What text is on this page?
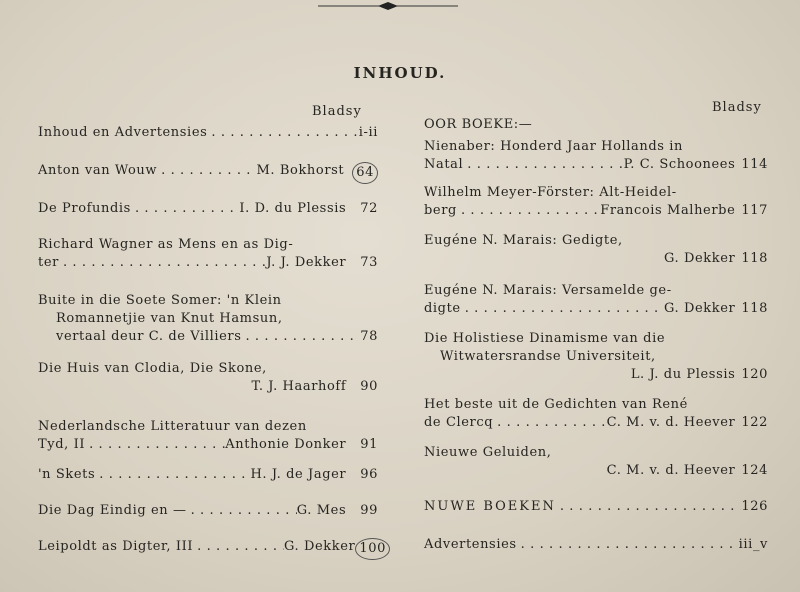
INHOUD.
Bladsy
Inhoud en Advertensies . . .	i-ii
Anton van Wouw . . .	M. Bokhorst 64
De Profundis . . .	I. D. du Plessis 72
Richard Wagner as Mens en as Dig-
ter . . .	J. J. Dekker 73
Buite in die Soete Somer: 'n Klein
Romannetjie van Knut Hamsun,
vertaal deur C. de Villiers . . .	78
Die Huis van Clodia, Die Skone,
T. J. Haarhoff 90
Nederlandsche Litteratuur van dezen
Tyd, II . . .	Anthonie Donker 91
'n Skets . . .	H. J. de Jager 96
Die Dag Eindig en — . . .	G. Mes 99
Leipoldt as Digter, III . . .	G. Dekker 100
Bladsy
OOR BOEKE:—
Nienaber: Honderd Jaar Hollands in
Natal . . .	P. C. Schoonees 114
Wilhelm Meyer-Förster: Alt-Heidel-
berg . . .	Francois Malherbe 117
Eugéne N. Marais: Gedigte,
G. Dekker 118
Eugéne N. Marais: Versamelde ge-
digte . . .	G. Dekker 118
Die Holistiese Dinamisme van die
Witwatersrandse Universiteit,
L. J. du Plessis 120
Het beste uit de Gedichten van René
de Clercq . . .	C. M. v. d. Heever 122
Nieuwe Geluiden,
C. M. v. d. Heever 124
NUWE BOEKEN . . .	126
Advertensies . . .	iii_v
